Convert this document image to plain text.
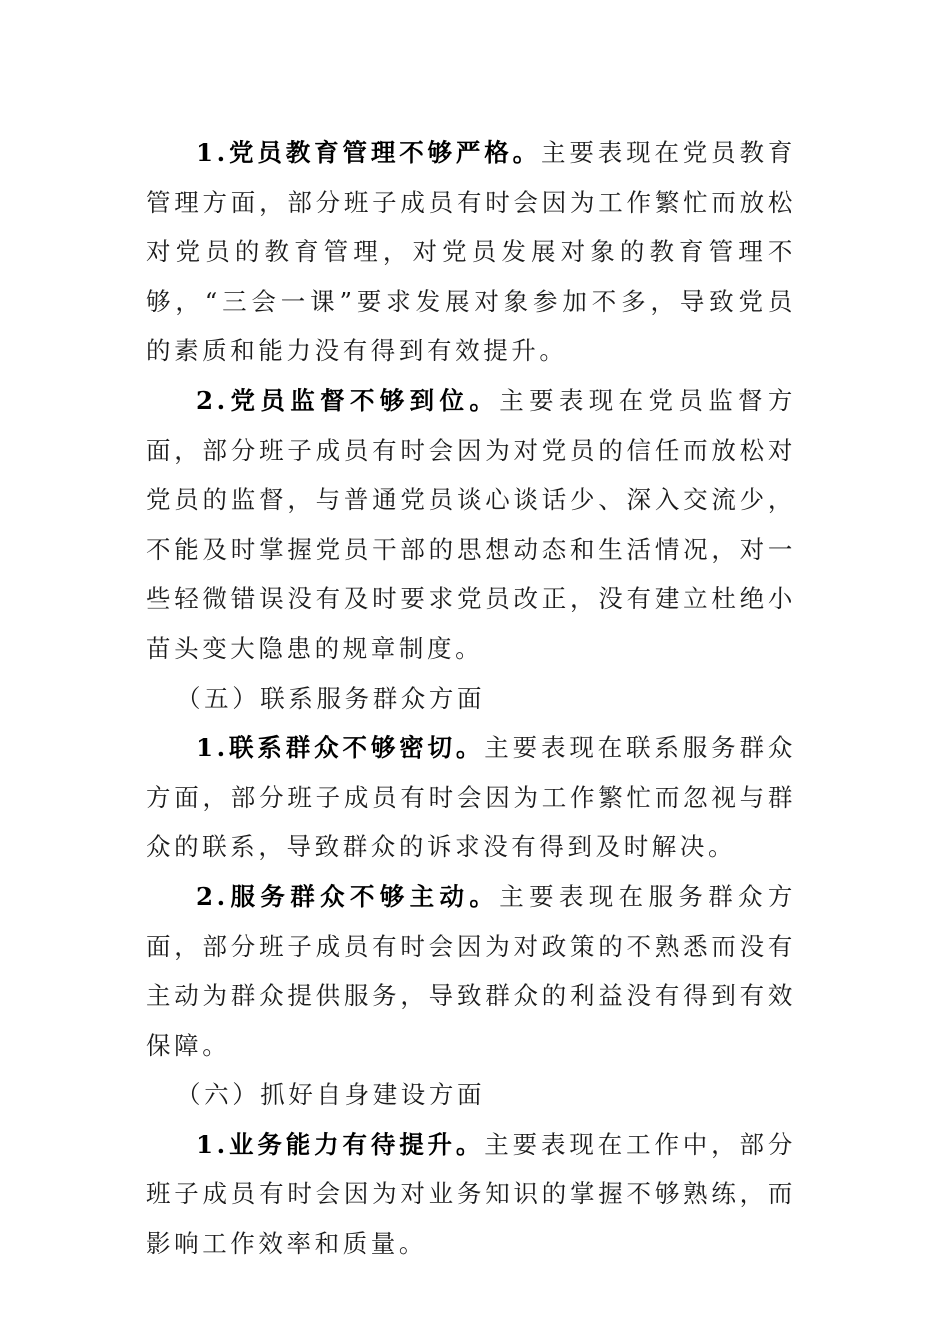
1.党员教育管理不够严格。主要表现在党员教育管理方面，部分班子成员有时会因为工作繁忙而放松对党员的教育管理，对党员发展对象的教育管理不够，“三会一课”要求发展对象参加不多，导致党员的素质和能力没有得到有效提升。

2.党员监督不够到位。主要表现在党员监督方面，部分班子成员有时会因为对党员的信任而放松对党员的监督，与普通党员谈心谈话少、深入交流少，不能及时掌握党员干部的思想动态和生活情况，对一些轻微错误没有及时要求党员改正，没有建立杜绝小苗头变大隐患的规章制度。

（五）联系服务群众方面

1.联系群众不够密切。主要表现在联系服务群众方面，部分班子成员有时会因为工作繁忙而忽视与群众的联系，导致群众的诉求没有得到及时解决。

2.服务群众不够主动。主要表现在服务群众方面，部分班子成员有时会因为对政策的不熟悉而没有主动为群众提供服务，导致群众的利益没有得到有效保障。

（六）抓好自身建设方面

1.业务能力有待提升。主要表现在工作中，部分班子成员有时会因为对业务知识的掌握不够熟练，而影响工作效率和质量。
